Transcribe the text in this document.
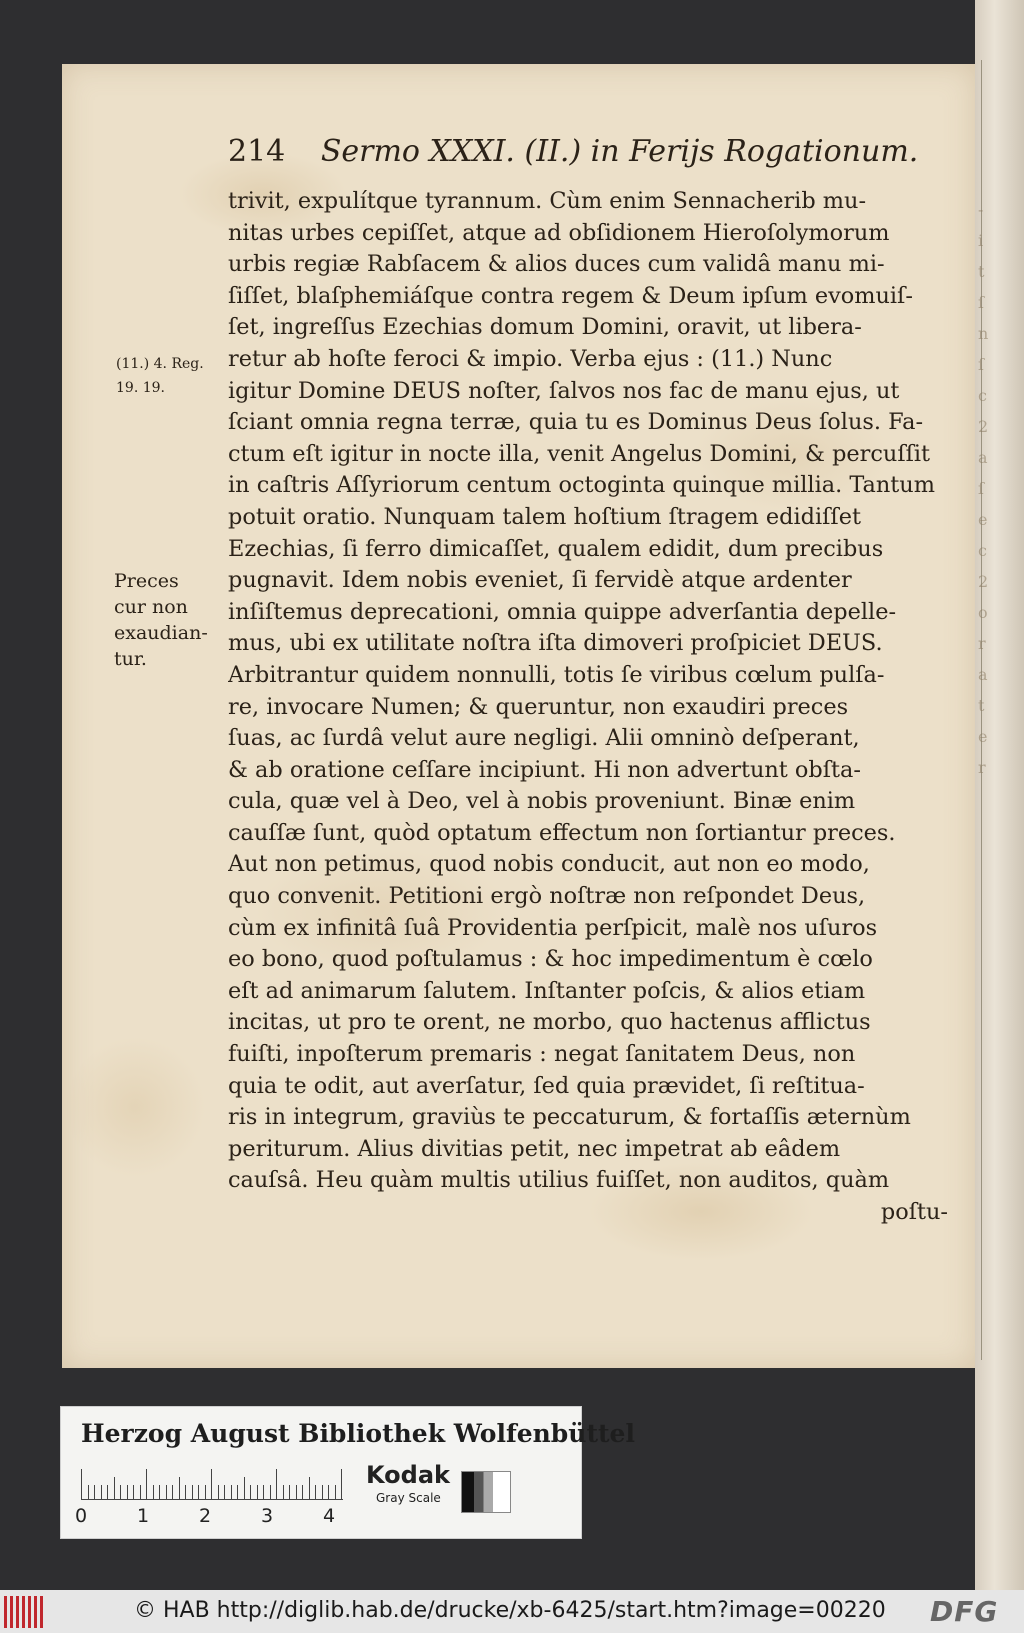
-
i
t
ſ
n
ſ
c
2
a
ſ
e
c
2
o
r
a
t
e
r
214 Sermo XXXI. (II.) in Ferijs Rogationum.
(11.) 4. Reg.
19. 19.
Preces
cur non
exaudian-
tur.
trivit, expulítque tyrannum. Cùm enim Sennacherib mu-
nitas urbes cepiſſet, atque ad obſidionem Hieroſolymorum
urbis regiæ Rabſacem & alios duces cum validâ manu mi-
ſiſſet, blaſphemiáſque contra regem & Deum ipſum evomuiſ-
ſet, ingreſſus Ezechias domum Domini, oravit, ut libera-
retur ab hoſte feroci & impio. Verba ejus : (11.) Nunc
igitur Domine DEUS noſter, ſalvos nos fac de manu ejus, ut
ſciant omnia regna terræ, quia tu es Dominus Deus ſolus. Fa-
ctum eſt igitur in nocte illa, venit Angelus Domini, & percuſſit
in caſtris Aſſyriorum centum octoginta quinque millia. Tantum
potuit oratio. Nunquam talem hoſtium ſtragem edidiſſet
Ezechias, ſi ferro dimicaſſet, qualem edidit, dum precibus
pugnavit. Idem nobis eveniet, ſi fervidè atque ardenter
inſiſtemus deprecationi, omnia quippe adverſantia depelle-
mus, ubi ex utilitate noſtra iſta dimoveri proſpiciet DEUS.
Arbitrantur quidem nonnulli, totis ſe viribus cœlum pulſa-
re, invocare Numen; & queruntur, non exaudiri preces
ſuas, ac ſurdâ velut aure negligi. Alii omninò deſperant,
& ab oratione ceſſare incipiunt. Hi non advertunt obſta-
cula, quæ vel à Deo, vel à nobis proveniunt. Binæ enim
cauſſæ ſunt, quòd optatum effectum non ſortiantur preces.
Aut non petimus, quod nobis conducit, aut non eo modo,
quo convenit. Petitioni ergò noſtræ non reſpondet Deus,
cùm ex infinitâ ſuâ Providentia perſpicit, malè nos uſuros
eo bono, quod poſtulamus : & hoc impedimentum è cœlo
eſt ad animarum ſalutem. Inſtanter poſcis, & alios etiam
incitas, ut pro te orent, ne morbo, quo hactenus afflictus
fuiſti, inpoſterum premaris : negat ſanitatem Deus, non
quia te odit, aut averſatur, ſed quia prævidet, ſi reſtitua-
ris in integrum, graviùs te peccaturum, & fortaſſis æternùm
periturum. Alius divitias petit, nec impetrat ab eâdem
cauſsâ. Heu quàm multis utilius fuiſſet, non auditos, quàm
poſtu-
Herzog August Bibliothek Wolfenbüttel
0	1	2	3	4
Kodak
Gray Scale
© HAB http://diglib.hab.de/drucke/xb-6425/start.htm?image=00220 DFG
